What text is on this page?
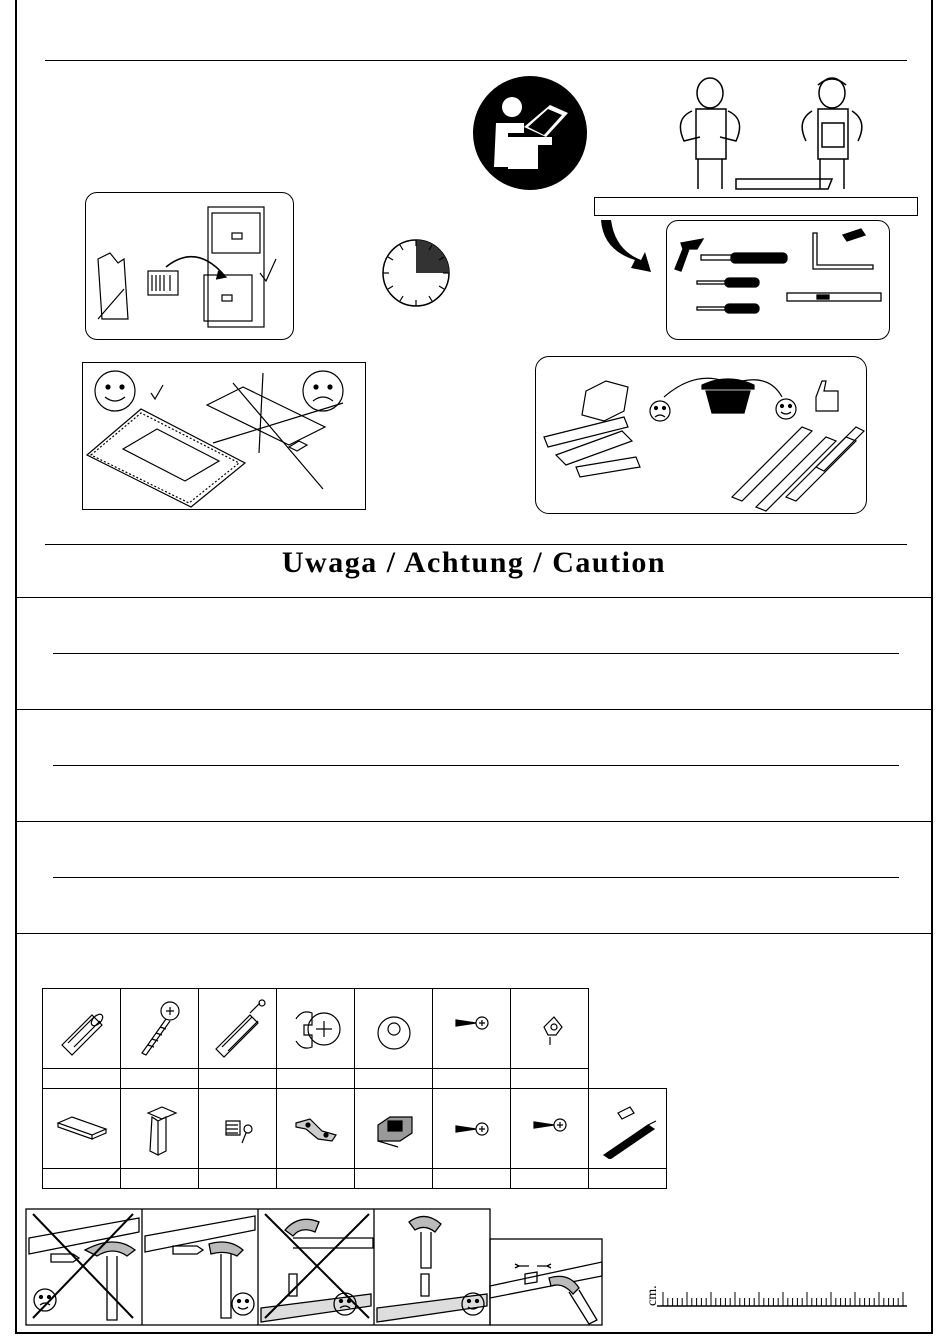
Uwaga / Achtung / Caution

cm.
